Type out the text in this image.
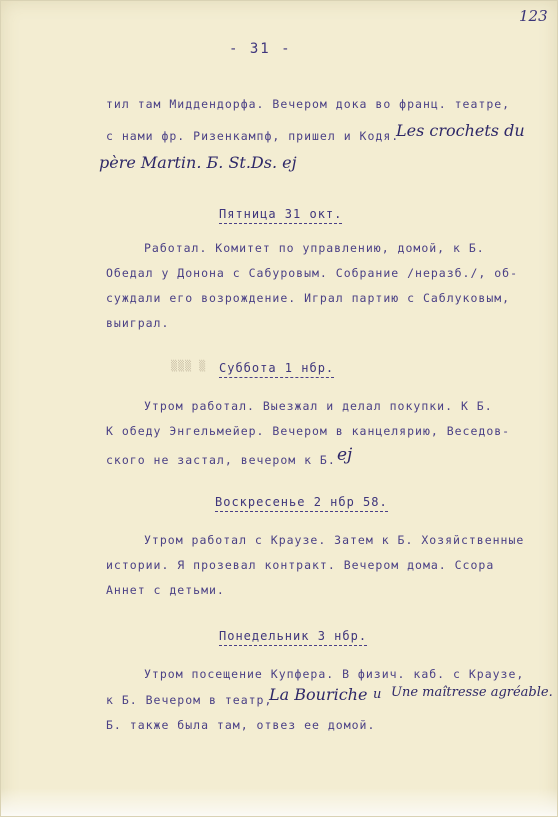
123
- 31 -
тил там Миддендорфа. Вечером дока во франц. театре,
с нами фр. Ризенкампф, пришел и Кодя.
Les crochets du
père Martin. Б. St.Ds. ej
Пятница 31 окт.
Работал. Комитет по управлению, домой, к Б.
Обедал у Донона с Сабуровым. Собрание /неразб./, об-
суждали его возрождение. Играл партию с Саблуковым,
выиграл.
▒▒▒ ▒ Суббота 1 нбр.
Утром работал. Выезжал и делал покупки. К Б.
К обеду Энгельмейер. Вечером в канцелярию, Веседов-
ского не застал, вечером к Б. ej
Воскресенье 2 нбр 58.
Утром работал с Краузе. Затем к Б. Хозяйственные
истории. Я прозевал контракт. Вечером дома. Ссора
Аннет с детьми.
Понедельник 3 нбр.
Утром посещение Купфера. В физич. каб. с Краузе,
к Б. Вечером в театр,
La Bouriche и Une maîtresse agréable.
Б. также была там, отвез ее домой.
